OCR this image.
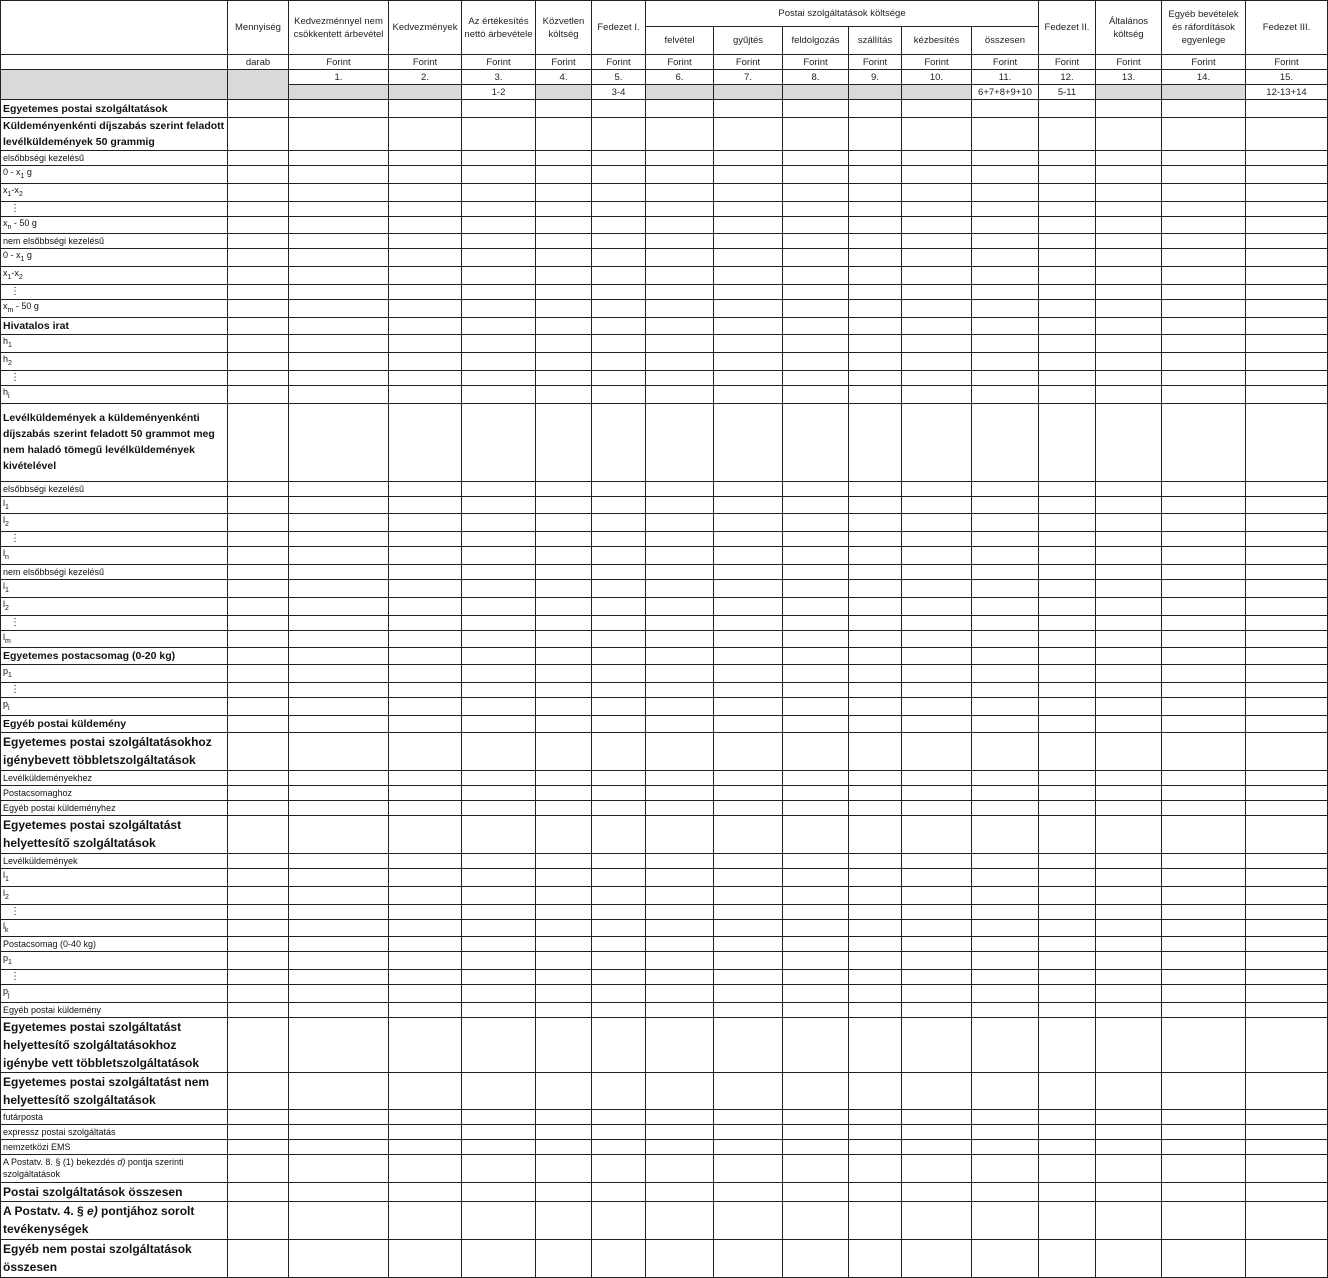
	Mennyiség	Kedvezménnyel nem csökkentett árbevétel	Kedvezmények	Az értékesítés nettó árbevétele	Közvetlen költség	Fedezet I.	Postai szolgáltatások költsége						Fedezet II.	Általános költség	Egyéb bevételek és ráfordítások egyenlege	Fedezet III.
							felvétel	gyűjtés	feldolgozás	szállítás	kézbesítés	összesen				

	darab	Forint	Forint	Forint	Forint	Forint	Forint	Forint	Forint	Forint	Forint	Forint	Forint	Forint	Forint	Forint
		1.	2.	3.	4.	5.	6.	7.	8.	9.	10.	11.	12.	13.	14.	15.
				1-2		3-4						6+7+8+9+10	5-11			12-13+14
Egyetemes postai szolgáltatások																
Küldeményenkénti díjszabás szerint feladott levélküldemények 50 grammig																
elsőbbségi kezelésű																
$0 - x_1$ g																
$x_1-x_2$																
⋮																
$x_n - 50$ g																
nem elsőbbségi kezelésű																
$0 - x_1$ g																
$x_1-x_2$																
⋮																
$x_m - 50$ g																
Hivatalos irat																
$h_1$																
$h_2$																
⋮																
$h_i$																
Levélküldemények a küldeményenkénti díjszabás szerint feladott 50 grammot meg nem haladó tömegű levélküldemények kivételével																
elsőbbségi kezelésű																
$l_1$																
$l_2$																
⋮																
$l_n$																
nem elsőbbségi kezelésű																
$l_1$																
$l_2$																
⋮																
$l_m$																
Egyetemes postacsomag (0-20 kg)																
$p_1$																
⋮																
$p_i$																
Egyéb postai küldemény																
Egyetemes postai szolgáltatásokhoz igénybevett többletszolgáltatások																
Levélküldeményekhez																
Postacsomaghoz																
Egyéb postai küldeményhez																
Egyetemes postai szolgáltatást helyettesítő szolgáltatások																
Levélküldemények																
$l_1$																
$l_2$																
⋮																
$l_k$																
Postacsomag (0-40 kg)																
$p_1$																
⋮																
$p_j$																
Egyéb postai küldemény																
Egyetemes postai szolgáltatást helyettesítő szolgáltatásokhoz igénybe vett többletszolgáltatások																
Egyetemes postai szolgáltatást nem helyettesítő szolgáltatások																
futárposta																
expressz postai szolgáltatás																
nemzetközi EMS																
A Postatv. 8. § (1) bekezdés d) pontja szerinti szolgáltatások																
Postai szolgáltatások összesen																
A Postatv. 4. § e) pontjához sorolt tevékenységek																
Egyéb nem postai szolgáltatások összesen																
